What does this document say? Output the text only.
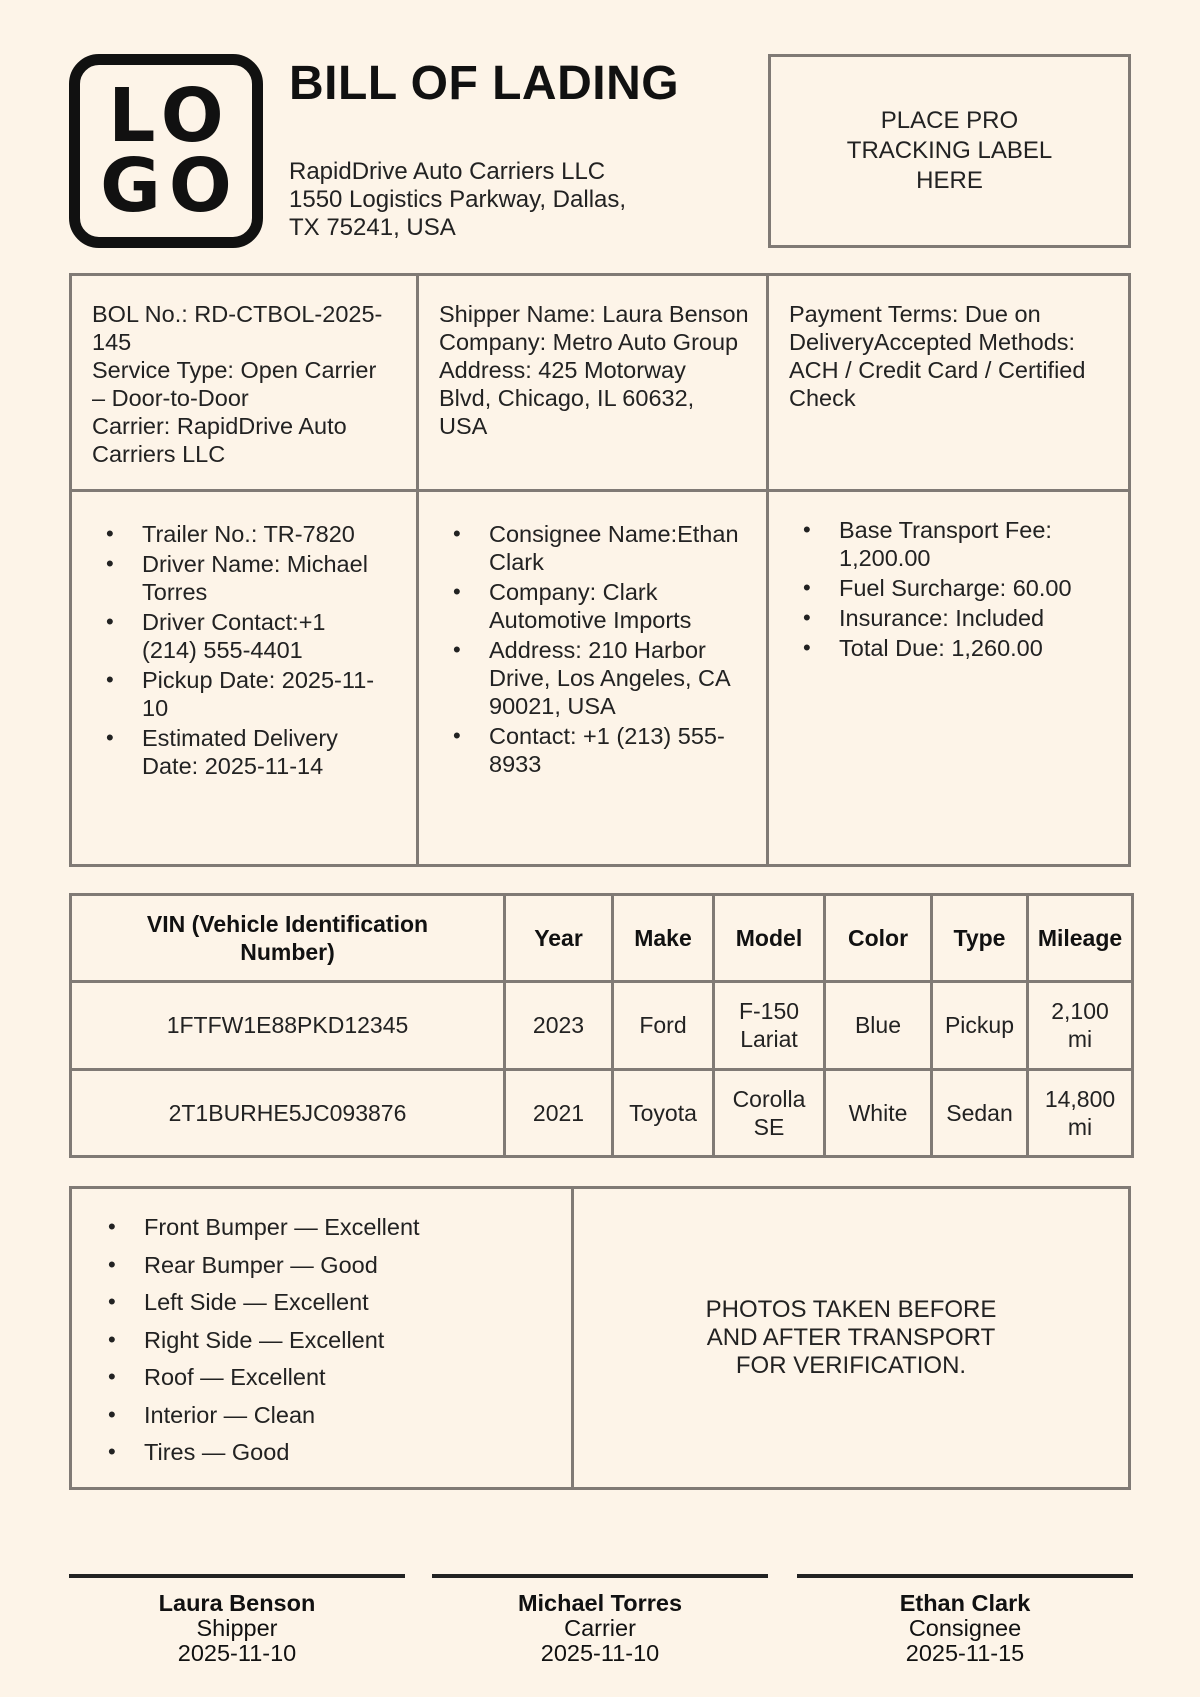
LO
GO
BILL OF LADING
RapidDrive Auto Carriers LLC
1550 Logistics Parkway, Dallas,
TX 75241, USA
PLACE PRO
TRACKING LABEL
HERE
BOL No.: RD-CTBOL-2025-
145
Service Type: Open Carrier
– Door-to-Door
Carrier: RapidDrive Auto
Carriers LLC
Shipper Name: Laura Benson
Company: Metro Auto Group
Address: 425 Motorway
Blvd, Chicago, IL 60632,
USA
Payment Terms: Due on
DeliveryAccepted Methods:
ACH / Credit Card / Certified
Check
• Trailer No.: TR-7820
• Driver Name: Michael
Torres
• Driver Contact:+1
(214) 555-4401
• Pickup Date: 2025-11-
10
• Estimated Delivery
Date: 2025-11-14
• Consignee Name:Ethan
Clark
• Company: Clark
Automotive Imports
• Address: 210 Harbor
Drive, Los Angeles, CA
90021, USA
• Contact: +1 (213) 555-
8933
• Base Transport Fee:
1,200.00
• Fuel Surcharge: 60.00
• Insurance: Included
• Total Due: 1,260.00
VIN (Vehicle Identification
Number)	Year	Make	Model	Color	Type	Mileage
1FTFW1E88PKD12345	2023	Ford	F-150
Lariat	Blue	Pickup	2,100
mi

2T1BURHE5JC093876	2021	Toyota	Corolla
SE	White	Sedan	14,800
mi
• Front Bumper — Excellent
• Rear Bumper — Good
• Left Side — Excellent
• Right Side — Excellent
• Roof — Excellent
• Interior — Clean
• Tires — Good
PHOTOS TAKEN BEFORE
AND AFTER TRANSPORT
FOR VERIFICATION.
Laura Benson
Shipper
2025-11-10
Michael Torres
Carrier
2025-11-10
Ethan Clark
Consignee
2025-11-15
